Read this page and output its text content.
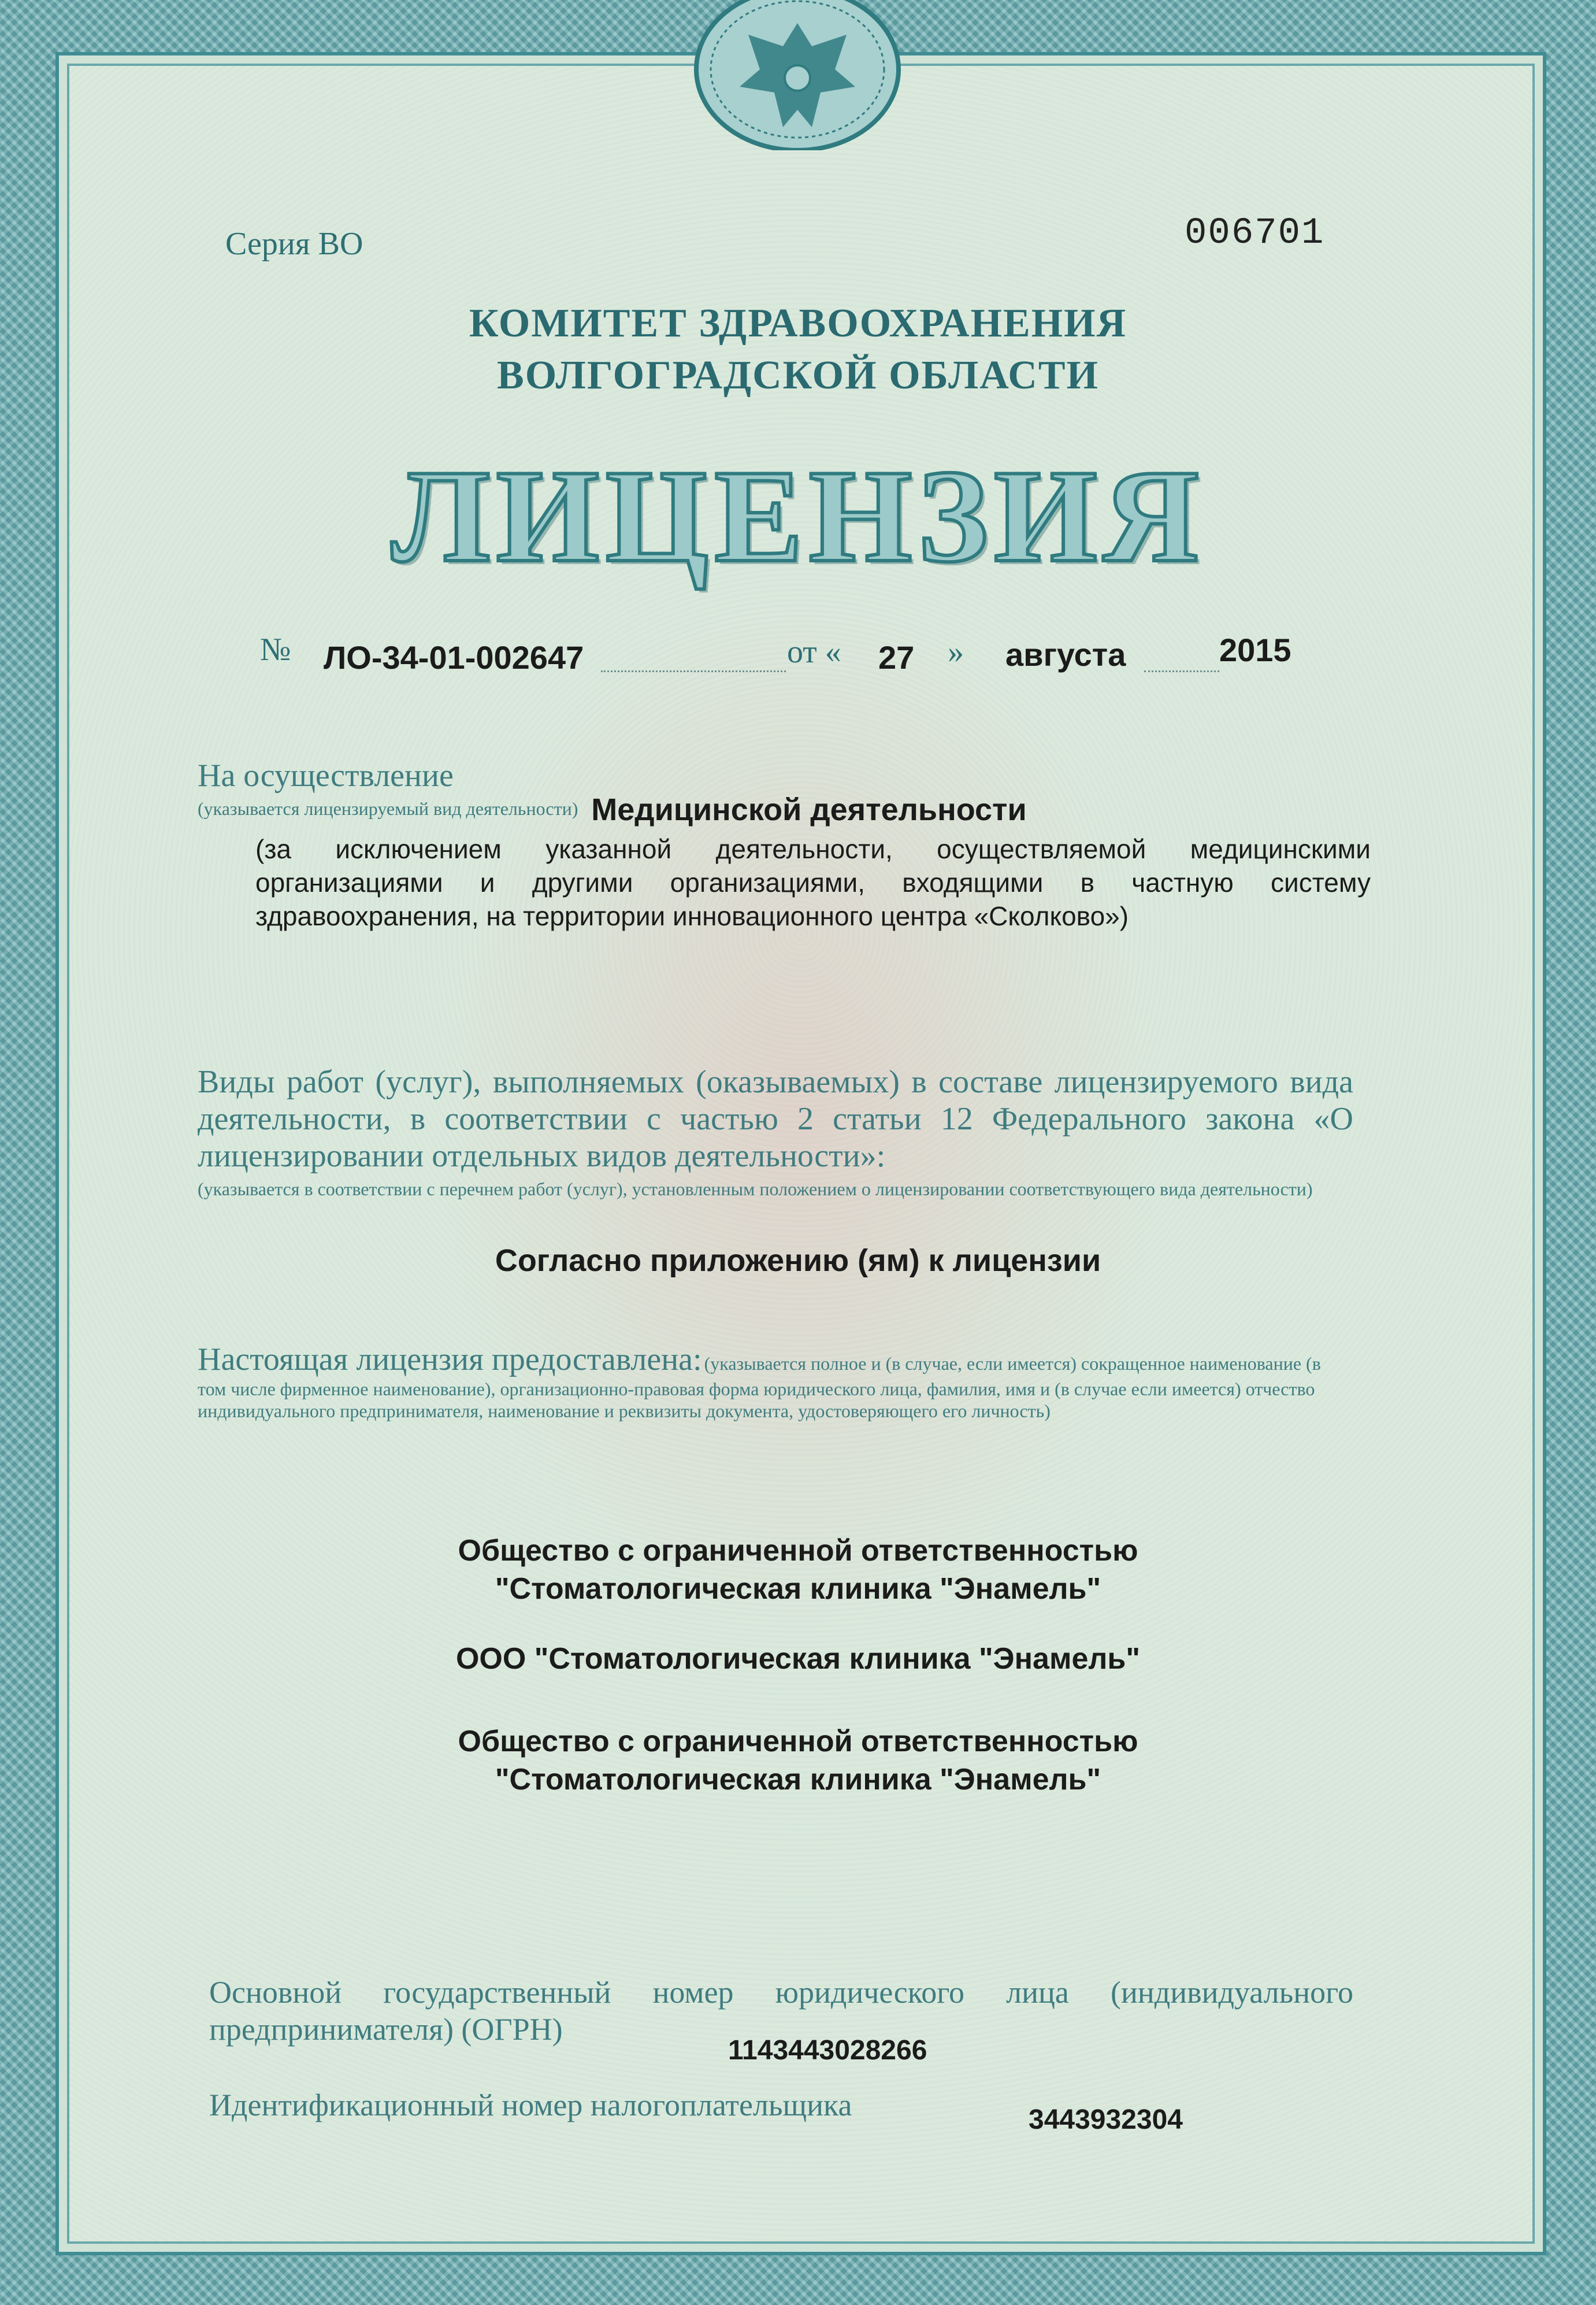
Серия ВО	006701
КОМИТЕТ ЗДРАВООХРАНЕНИЯ
ВОЛГОГРАДСКОЙ ОБЛАСТИ
ЛИЦЕНЗИЯ
№ ЛО-34-01-002647	от « 27 » августа	2015
На осуществление
(указывается лицензируемый вид деятельности) Медицинской деятельности
(за исключением указанной деятельности, осуществляемой медицинскими организациями и другими организациями, входящими в частную систему здравоохранения, на территории инновационного центра «Сколково»)
Виды работ (услуг), выполняемых (оказываемых) в составе лицензируемого вида деятельности, в соответствии с частью 2 статьи 12 Федерального закона «О лицензировании отдельных видов деятельности»:
(указывается в соответствии с перечнем работ (услуг), установленным положением о лицензировании соответствующего вида деятельности)
Согласно приложению (ям) к лицензии
Настоящая лицензия предоставлена: (указывается полное и (в случае, если имеется) сокращенное наименование (в том числе фирменное наименование), организационно-правовая форма юридического лица, фамилия, имя и (в случае если имеется) отчество индивидуального предпринимателя, наименование и реквизиты документа, удостоверяющего его личность)
Общество с ограниченной ответственностью
"Стоматологическая клиника "Энамель"
ООО "Стоматологическая клиника "Энамель"
Общество с ограниченной ответственностью
"Стоматологическая клиника "Энамель"
Основной государственный номер юридического лица (индивидуального предпринимателя) (ОГРН)
1143443028266
Идентификационный номер налогоплательщика	3443932304
